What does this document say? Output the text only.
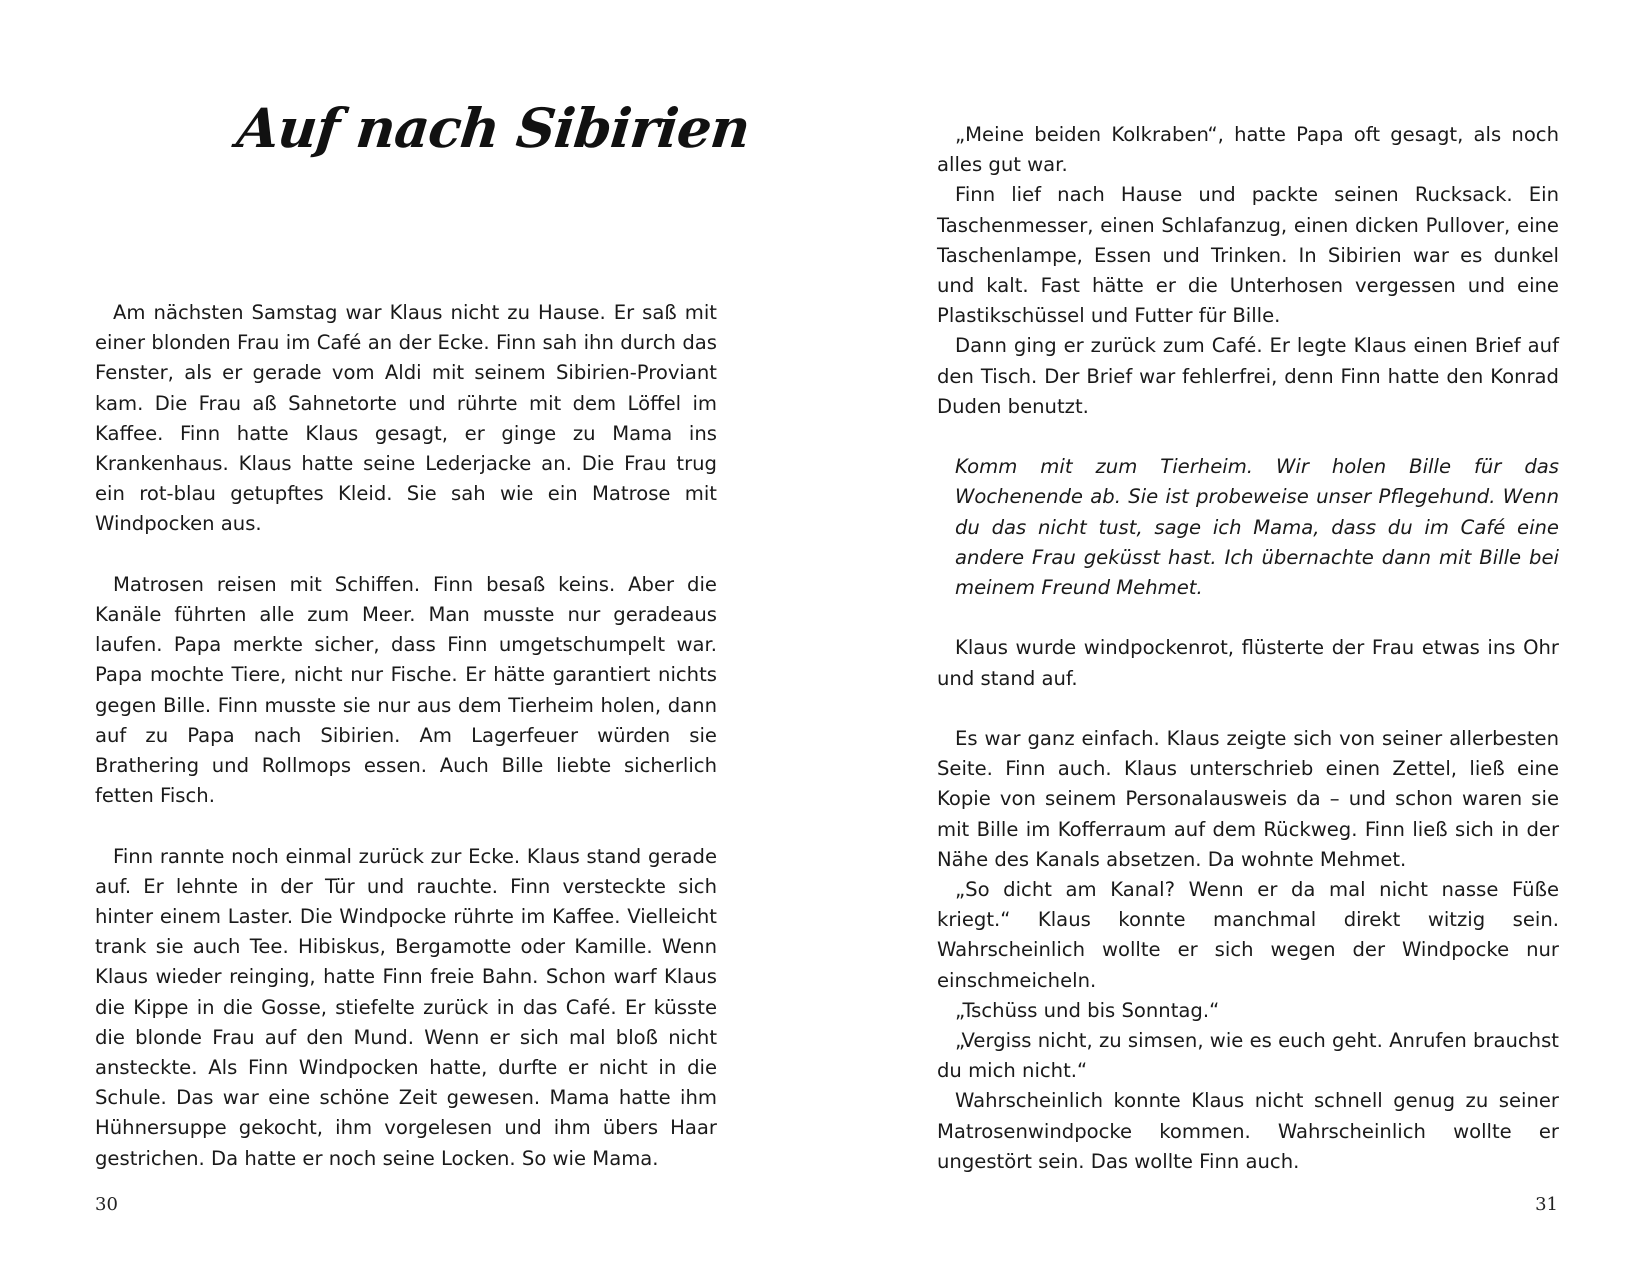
Auf nach Sibirien

Am nächsten Samstag war Klaus nicht zu Hause. Er saß mit einer blonden Frau im Café an der Ecke. Finn sah ihn durch das Fenster, als er gerade vom Aldi mit seinem Sibirien-Proviant kam. Die Frau aß Sahnetorte und rührte mit dem Löffel im Kaffee. Finn hatte Klaus gesagt, er ginge zu Mama ins Krankenhaus. Klaus hatte seine Lederjacke an. Die Frau trug ein rot-blau getupftes Kleid. Sie sah wie ein Matrose mit Windpocken aus.

Matrosen reisen mit Schiffen. Finn besaß keins. Aber die Kanäle führten alle zum Meer. Man musste nur geradeaus laufen. Papa merkte sicher, dass Finn umgetschumpelt war. Papa mochte Tiere, nicht nur Fische. Er hätte garantiert nichts gegen Bille. Finn musste sie nur aus dem Tierheim holen, dann auf zu Papa nach Sibirien. Am Lagerfeuer würden sie Brathering und Rollmops essen. Auch Bille liebte sicherlich fetten Fisch.

Finn rannte noch einmal zurück zur Ecke. Klaus stand gerade auf. Er lehnte in der Tür und rauchte. Finn versteckte sich hinter einem Laster. Die Windpocke rührte im Kaffee. Vielleicht trank sie auch Tee. Hibiskus, Bergamotte oder Kamille. Wenn Klaus wieder reinging, hatte Finn freie Bahn. Schon warf Klaus die Kippe in die Gosse, stiefelte zurück in das Café. Er küsste die blonde Frau auf den Mund. Wenn er sich mal bloß nicht ansteckte. Als Finn Windpocken hatte, durfte er nicht in die Schule. Das war eine schöne Zeit gewesen. Mama hatte ihm Hühnersuppe gekocht, ihm vorgelesen und ihm übers Haar gestrichen. Da hatte er noch seine Locken. So wie Mama.

30

„Meine beiden Kolkraben“, hatte Papa oft gesagt, als noch alles gut war.

Finn lief nach Hause und packte seinen Rucksack. Ein Taschenmesser, einen Schlafanzug, einen dicken Pullover, eine Taschenlampe, Essen und Trinken. In Sibirien war es dunkel und kalt. Fast hätte er die Unterhosen vergessen und eine Plastikschüssel und Futter für Bille.

Dann ging er zurück zum Café. Er legte Klaus einen Brief auf den Tisch. Der Brief war fehlerfrei, denn Finn hatte den Konrad Duden benutzt.

Komm mit zum Tierheim. Wir holen Bille für das Wochenende ab. Sie ist probeweise unser Pflegehund. Wenn du das nicht tust, sage ich Mama, dass du im Café eine andere Frau geküsst hast. Ich übernachte dann mit Bille bei meinem Freund Mehmet.

Klaus wurde windpockenrot, flüsterte der Frau etwas ins Ohr und stand auf.

Es war ganz einfach. Klaus zeigte sich von seiner allerbesten Seite. Finn auch. Klaus unterschrieb einen Zettel, ließ eine Kopie von seinem Personalausweis da – und schon waren sie mit Bille im Kofferraum auf dem Rückweg. Finn ließ sich in der Nähe des Kanals absetzen. Da wohnte Mehmet.

„So dicht am Kanal? Wenn er da mal nicht nasse Füße kriegt.“ Klaus konnte manchmal direkt witzig sein. Wahrscheinlich wollte er sich wegen der Windpocke nur einschmeicheln.

„Tschüss und bis Sonntag.“

„Vergiss nicht, zu simsen, wie es euch geht. Anrufen brauchst du mich nicht.“

Wahrscheinlich konnte Klaus nicht schnell genug zu seiner Matrosenwindpocke kommen. Wahrscheinlich wollte er ungestört sein. Das wollte Finn auch.

31
